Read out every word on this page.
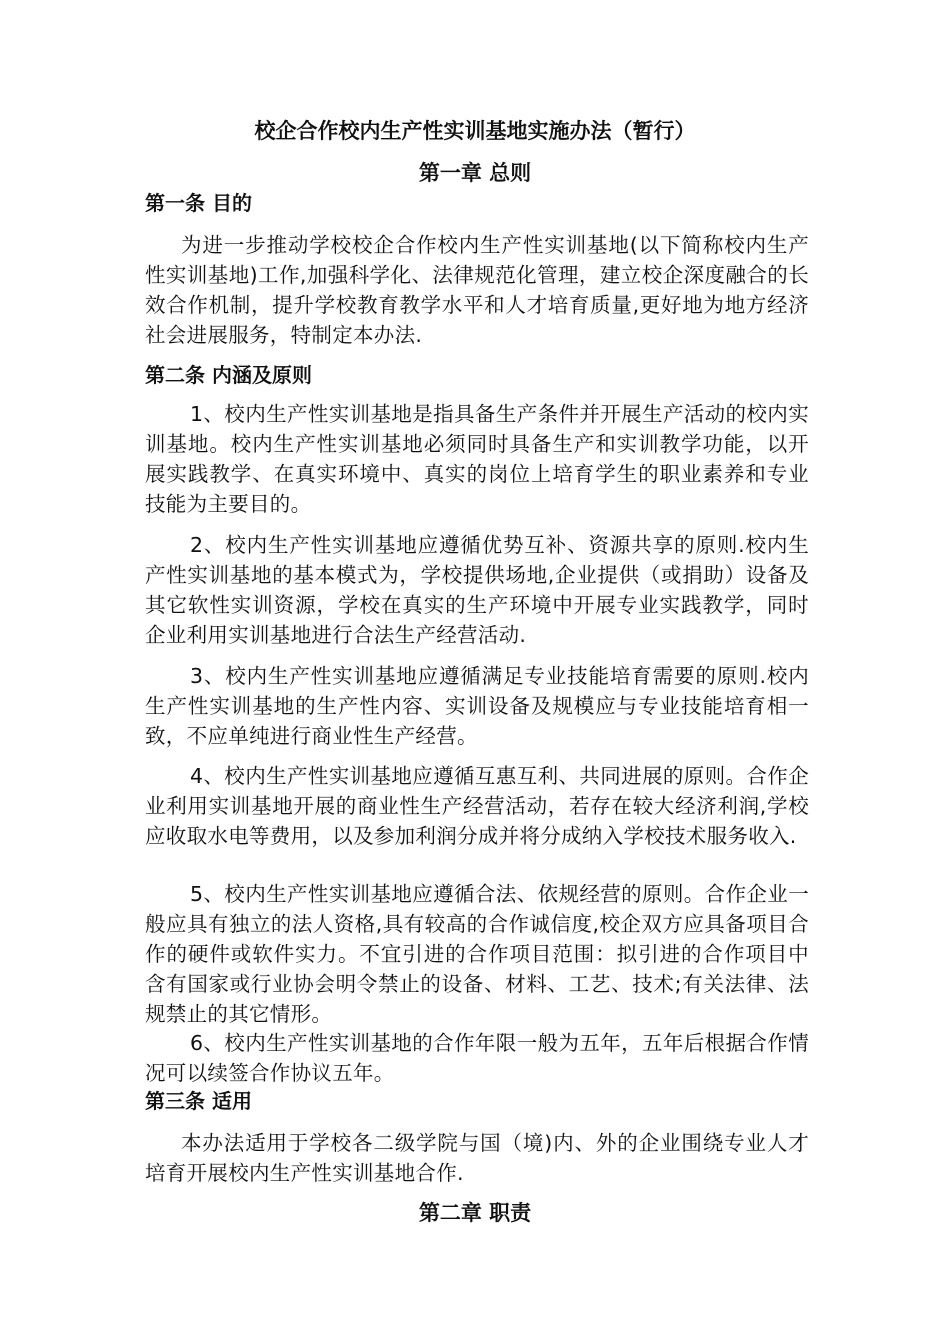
校企合作校内生产性实训基地实施办法（暂行）
第一章 总则
第一条 目的

为进一步推动学校校企合作校内生产性实训基地(以下简称校内生产性实训基地)工作,加强科学化、法律规范化管理，建立校企深度融合的长效合作机制，提升学校教育教学水平和人才培育质量,更好地为地方经济社会进展服务，特制定本办法.

第二条 内涵及原则

1、校内生产性实训基地是指具备生产条件并开展生产活动的校内实训基地。校内生产性实训基地必须同时具备生产和实训教学功能，以开展实践教学、在真实环境中、真实的岗位上培育学生的职业素养和专业技能为主要目的。

2、校内生产性实训基地应遵循优势互补、资源共享的原则.校内生产性实训基地的基本模式为，学校提供场地,企业提供（或捐助）设备及其它软性实训资源，学校在真实的生产环境中开展专业实践教学，同时企业利用实训基地进行合法生产经营活动.

3、校内生产性实训基地应遵循满足专业技能培育需要的原则.校内生产性实训基地的生产性内容、实训设备及规模应与专业技能培育相一致，不应单纯进行商业性生产经营。

4、校内生产性实训基地应遵循互惠互利、共同进展的原则。合作企业利用实训基地开展的商业性生产经营活动，若存在较大经济利润,学校应收取水电等费用，以及参加利润分成并将分成纳入学校技术服务收入.

5、校内生产性实训基地应遵循合法、依规经营的原则。合作企业一般应具有独立的法人资格,具有较高的合作诚信度,校企双方应具备项目合作的硬件或软件实力。不宜引进的合作项目范围：拟引进的合作项目中含有国家或行业协会明令禁止的设备、材料、工艺、技术;有关法律、法规禁止的其它情形。

6、校内生产性实训基地的合作年限一般为五年，五年后根据合作情况可以续签合作协议五年。

第三条 适用

本办法适用于学校各二级学院与国（境)内、外的企业围绕专业人才培育开展校内生产性实训基地合作.

第二章 职责
